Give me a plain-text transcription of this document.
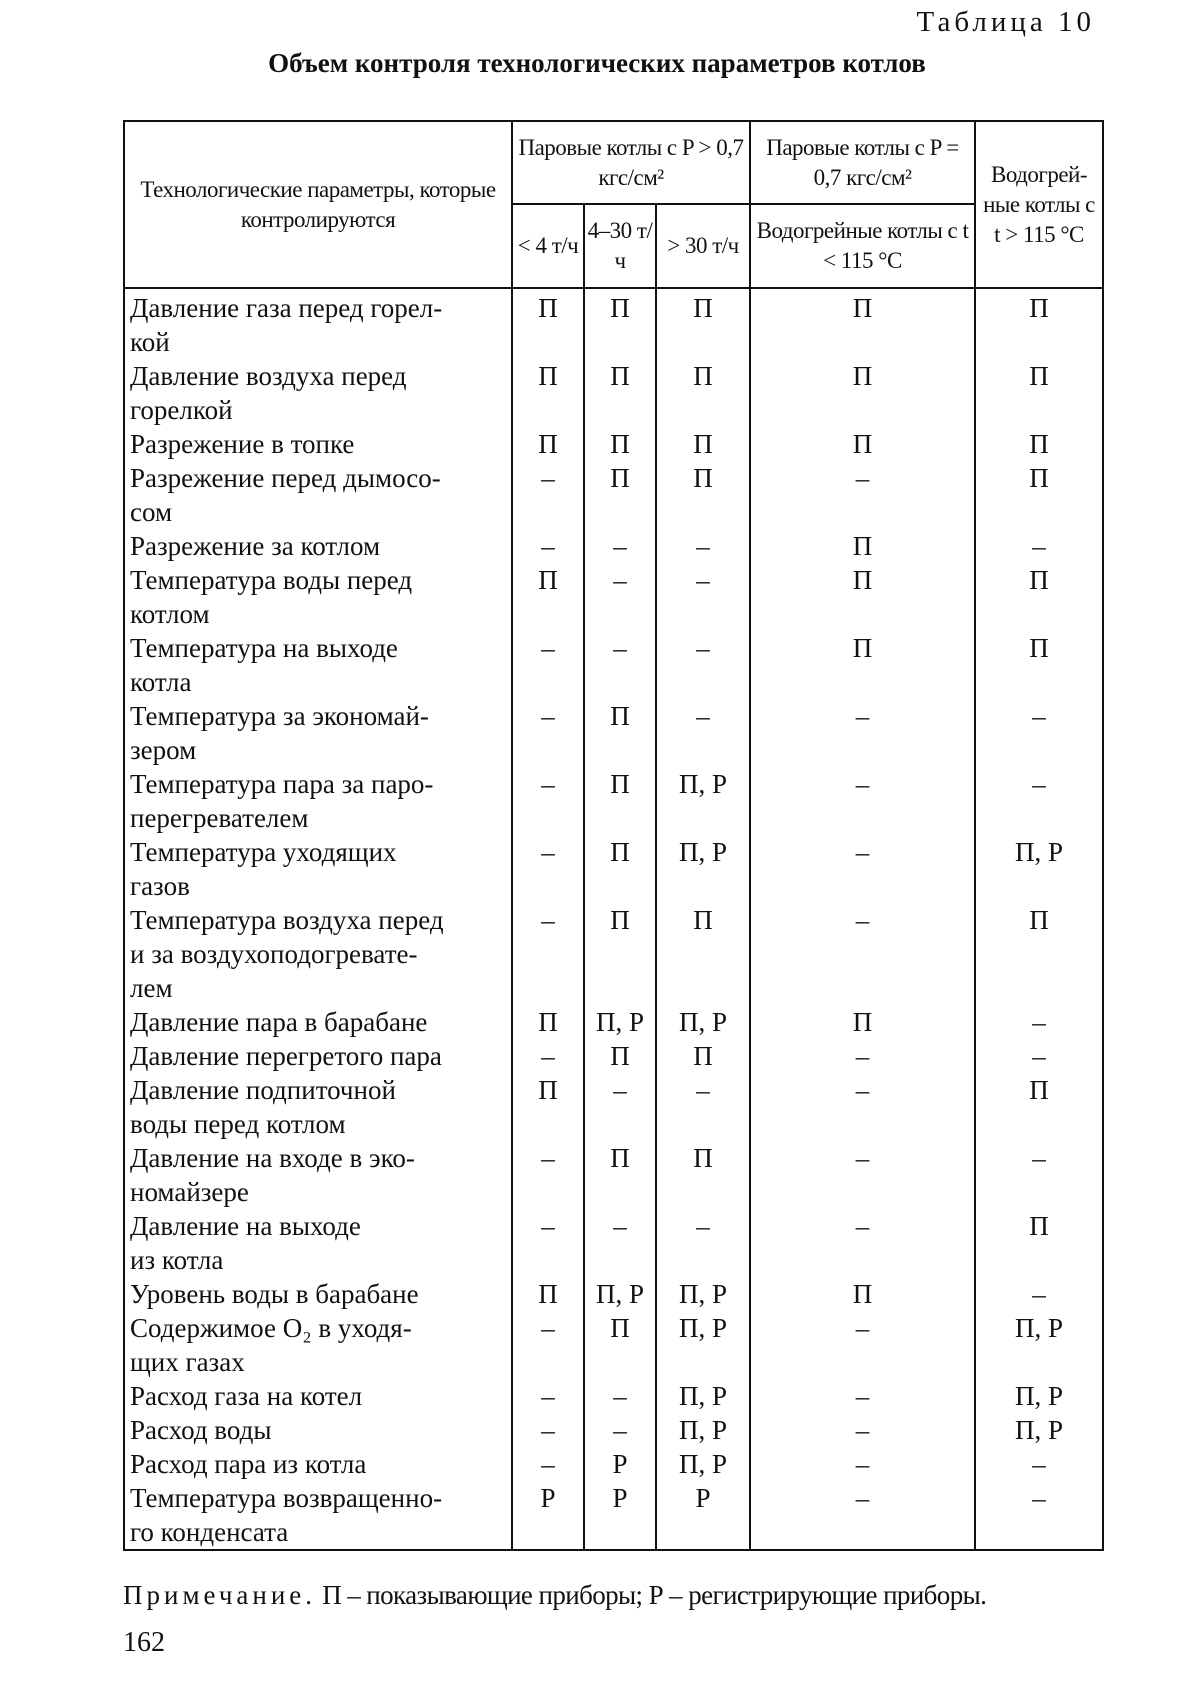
Таблица 10
Объем контроля технологических параметров котлов
Технологические параметры, которые контролируются	Паровые котлы с P > 0,7 кгс/см²			Паровые котлы с P = 0,7 кгс/см²	Водогрей-ные котлы с t > 115 °C
	< 4 т/ч	4–30 т/ч	> 30 т/ч	Водогрейные котлы с t < 115 °C	

Давление газа перед горел-
кой	П	П	П	П	П

Давление воздуха перед
горелкой	П	П	П	П	П

Разрежение в топке	П	П	П	П	П

Разрежение перед дымосо-
сом	–	П	П	–	П

Разрежение за котлом	–	–	–	П	–

Температура воды перед
котлом	П	–	–	П	П

Температура на выходе
котла	–	–	–	П	П

Температура за экономай-
зером	–	П	–	–	–

Температура пара за паро-
перегревателем	–	П	П, Р	–	–

Температура уходящих
газов	–	П	П, Р	–	П, Р

Температура воздуха перед
и за воздухоподогревате-
лем	–	П	П	–	П

Давление пара в барабане	П	П, Р	П, Р	П	–

Давление перегретого пара	–	П	П	–	–

Давление подпиточной
воды перед котлом	П	–	–	–	П

Давление на входе в эко-
номайзере	–	П	П	–	–

Давление на выходе
из котла	–	–	–	–	П

Уровень воды в барабане	П	П, Р	П, Р	П	–

Содержимое O₂ в уходя-
щих газах	–	П	П, Р	–	П, Р

Расход газа на котел	–	–	П, Р	–	П, Р

Расход воды	–	–	П, Р	–	П, Р

Расход пара из котла	–	Р	П, Р	–	–

Температура возвращенно-
го конденсата	Р	Р	Р	–	–
Примечание. П – показывающие приборы; Р – регистрирующие приборы.
162
